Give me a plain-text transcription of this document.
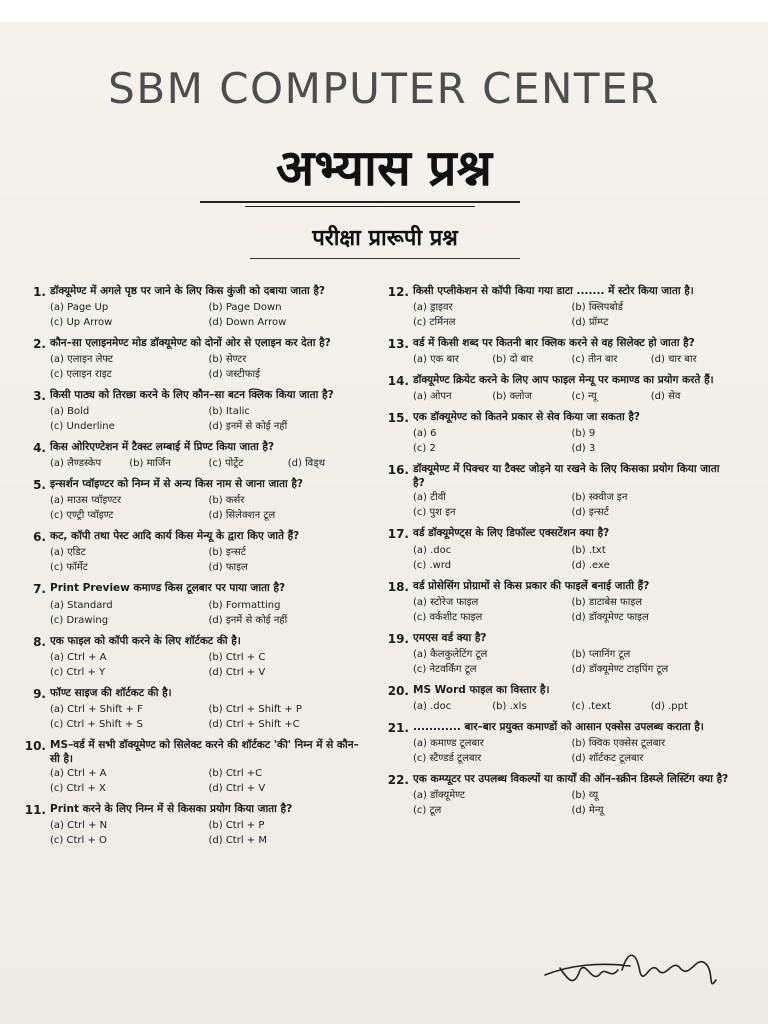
SBM COMPUTER CENTER
अभ्यास प्रश्न
परीक्षा प्रारूपी प्रश्न
1. डॉक्यूमेण्ट में अगले पृष्ठ पर जाने के लिए किस कुंजी को दबाया जाता है?
(a) Page Up	(b) Page Down
(c) Up Arrow	(d) Down Arrow
2. कौन–सा एलाइनमेण्ट मोड डॉक्यूमेण्ट को दोनों ओर से एलाइन कर देता है?
(a) एलाइन लेफ्ट	(b) सेण्टर
(c) एलाइन राइट	(d) जस्टीफाई
3. किसी पाठ्य को तिरछा करने के लिए कौन–सा बटन क्लिक किया जाता है?
(a) Bold	(b) Italic
(c) Underline	(d) इनमें से कोई नहीं
4. किस ओरिएण्टेशन में टैक्स्ट लम्बाई में प्रिण्ट किया जाता है?
(a) लैण्डस्केप	(b) मार्जिन	(c) पोर्ट्रेट	(d) विड्थ
5. इन्सर्शन प्वॉइण्टर को निम्न में से अन्य किस नाम से जाना जाता है?
(a) माउस प्वॉइण्टर	(b) कर्सर
(c) एण्ट्री प्वॉइण्ट	(d) सिलेक्शन टूल
6. कट, कॉपी तथा पेस्ट आदि कार्य किस मेन्यू के द्वारा किए जाते हैं?
(a) एडिट	(b) इन्सर्ट
(c) फॉर्मेट	(d) फाइल
7. Print Preview कमाण्ड किस टूलबार पर पाया जाता है?
(a) Standard	(b) Formatting
(c) Drawing	(d) इनमें से कोई नहीं
8. एक फाइल को कॉपी करने के लिए शॉर्टकट की है।
(a) Ctrl + A	(b) Ctrl + C
(c) Ctrl + Y	(d) Ctrl + V
9. फॉण्ट साइज की शॉर्टकट की है।
(a) Ctrl + Shift + F	(b) Ctrl + Shift + P
(c) Ctrl + Shift + S	(d) Ctrl + Shift +C
10. MS–वर्ड में सभी डॉक्यूमेण्ट को सिलेक्ट करने की शॉर्टकट 'की' निम्न में से कौन–सी है।
(a) Ctrl + A	(b) Ctrl +C
(c) Ctrl + X	(d) Ctrl + V
11. Print करने के लिए निम्न में से किसका प्रयोग किया जाता है?
(a) Ctrl + N	(b) Ctrl + P
(c) Ctrl + O	(d) Ctrl + M
12. किसी एप्लीकेशन से कॉपी किया गया डाटा ....... में स्टोर किया जाता है।
(a) ड्राइवर	(b) क्लिपबोर्ड
(c) टर्मिनल	(d) प्रॉम्प्ट
13. वर्ड में किसी शब्द पर कितनी बार क्लिक करने से वह सिलेक्ट हो जाता है?
(a) एक बार	(b) दो बार	(c) तीन बार	(d) चार बार
14. डॉक्यूमेण्ट क्रियेट करने के लिए आप फाइल मेन्यू पर कमाण्ड का प्रयोग करते हैं।
(a) ओपन	(b) क्लोज	(c) न्यू	(d) सेव
15. एक डॉक्यूमेण्ट को कितने प्रकार से सेव किया जा सकता है?
(a) 6	(b) 9
(c) 2	(d) 3
16. डॉक्यूमेण्ट में पिक्चर या टैक्स्ट जोड़ने या रखने के लिए किसका प्रयोग किया जाता है?
(a) टीवी	(b) स्क्वीज इन
(c) पुश इन	(d) इन्सर्ट
17. वर्ड डॉक्यूमेण्ट्स के लिए डिफॉल्ट एक्सटेंशन क्या है?
(a) .doc	(b) .txt
(c) .wrd	(d) .exe
18. वर्ड प्रोसेसिंग प्रोग्रामों से किस प्रकार की फाइलें बनाई जाती हैं?
(a) स्टोरेज फाइल	(b) डाटाबेस फाइल
(c) वर्कशीट फाइल	(d) डॉक्यूमेण्ट फाइल
19. एमएस वर्ड क्या है?
(a) कैलकुलेटिंग टूल	(b) प्लानिंग टूल
(c) नेटवर्किंग टूल	(d) डॉक्यूमेण्ट टाइपिंग टूल
20. MS Word फाइल का विस्तार है।
(a) .doc	(b) .xls	(c) .text	(d) .ppt
21. ............ बार–बार प्रयुक्त कमाण्डों को आसान एक्सेस उपलब्ध कराता है।
(a) कमाण्ड टूलबार	(b) क्विक एक्सेस टूलबार
(c) स्टैण्डर्ड टूलबार	(d) शॉर्टकट टूलबार
22. एक कम्प्यूटर पर उपलब्ध विकल्पों या कार्यों की ऑन–स्क्रीन डिस्प्ले लिस्टिंग क्या है?
(a) डॉक्यूमेण्ट	(b) व्यू
(c) टूल	(d) मेन्यू
